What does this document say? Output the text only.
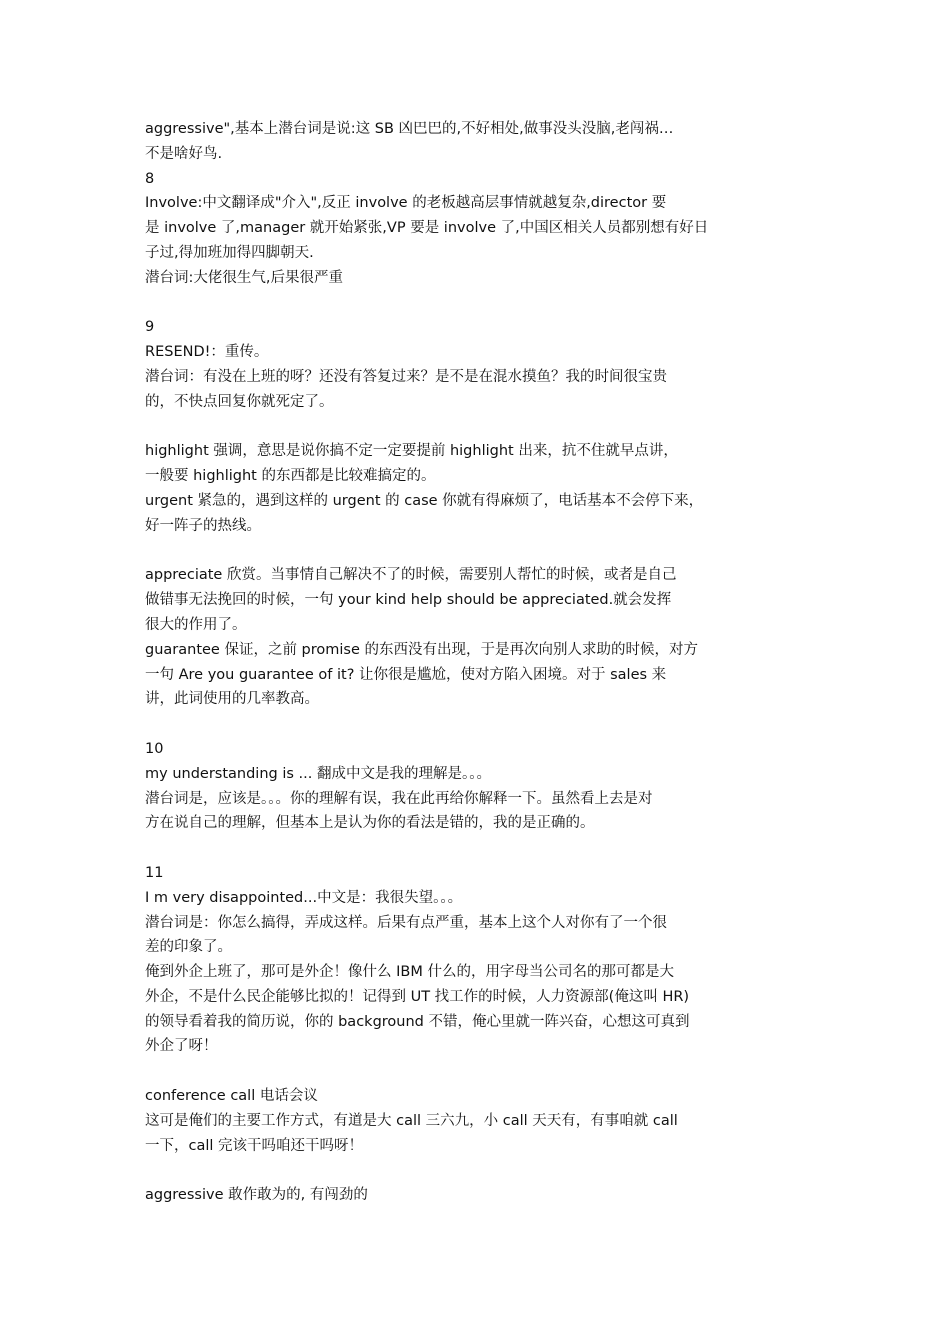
aggressive",基本上潜台词是说:这 SB 凶巴巴的,不好相处,做事没头没脑,老闯祸…
不是啥好鸟.
8
Involve:中文翻译成"介入",反正 involve 的老板越高层事情就越复杂,director 要
是 involve 了,manager 就开始紧张,VP 要是 involve 了,中国区相关人员都别想有好日
子过,得加班加得四脚朝天.
潜台词:大佬很生气,后果很严重
9
RESEND!：重传。
潜台词：有没在上班的呀？还没有答复过来？是不是在混水摸鱼？我的时间很宝贵
的，不快点回复你就死定了。
highlight 强调，意思是说你搞不定一定要提前 highlight 出来，抗不住就早点讲，
一般要 highlight 的东西都是比较难搞定的。
urgent 紧急的，遇到这样的 urgent 的 case 你就有得麻烦了，电话基本不会停下来，
好一阵子的热线。
appreciate 欣赏。当事情自己解决不了的时候，需要别人帮忙的时候，或者是自己
做错事无法挽回的时候，一句 your kind help should be appreciated.就会发挥
很大的作用了。
guarantee 保证，之前 promise 的东西没有出现，于是再次向别人求助的时候，对方
一句 Are you guarantee of it? 让你很是尴尬，使对方陷入困境。对于 sales 来
讲，此词使用的几率教高。
10
my understanding is ... 翻成中文是我的理解是。。。
潜台词是，应该是。。。你的理解有误，我在此再给你解释一下。虽然看上去是对
方在说自己的理解，但基本上是认为你的看法是错的，我的是正确的。
11
I m very disappointed...中文是：我很失望。。。
潜台词是：你怎么搞得，弄成这样。后果有点严重，基本上这个人对你有了一个很
差的印象了。
俺到外企上班了，那可是外企！像什么 IBM 什么的，用字母当公司名的那可都是大
外企，不是什么民企能够比拟的！记得到 UT 找工作的时候，人力资源部(俺这叫 HR)
的领导看着我的简历说，你的 background 不错，俺心里就一阵兴奋，心想这可真到
外企了呀！
conference call 电话会议
这可是俺们的主要工作方式，有道是大 call 三六九，小 call 天天有，有事咱就 call
一下，call 完该干吗咱还干吗呀！
aggressive 敢作敢为的, 有闯劲的
